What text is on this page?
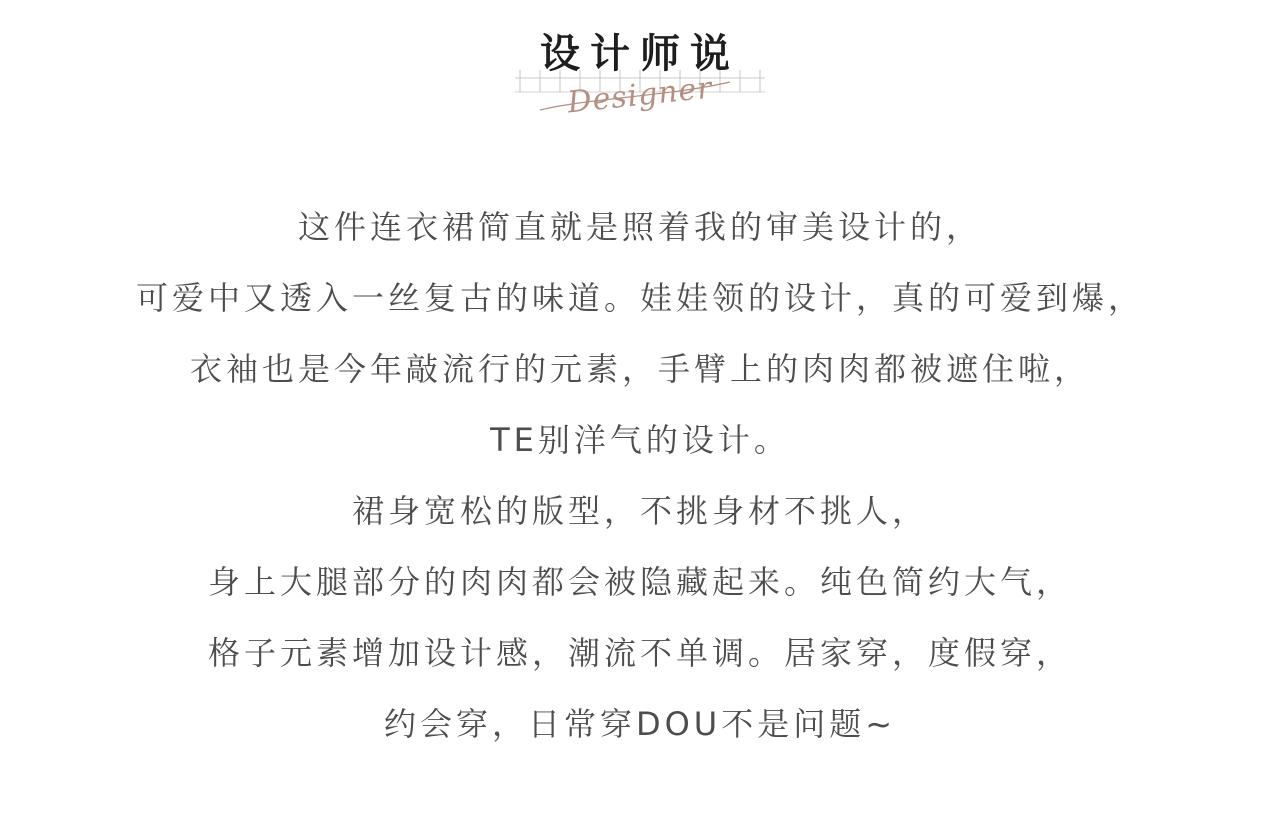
设计师说
Designer
这件连衣裙简直就是照着我的审美设计的，
可爱中又透入一丝复古的味道。娃娃领的设计，真的可爱到爆，
衣袖也是今年敲流行的元素，手臂上的肉肉都被遮住啦，
TE别洋气的设计。
裙身宽松的版型，不挑身材不挑人，
身上大腿部分的肉肉都会被隐藏起来。纯色简约大气，
格子元素增加设计感，潮流不单调。居家穿，度假穿，
约会穿，日常穿DOU不是问题~
